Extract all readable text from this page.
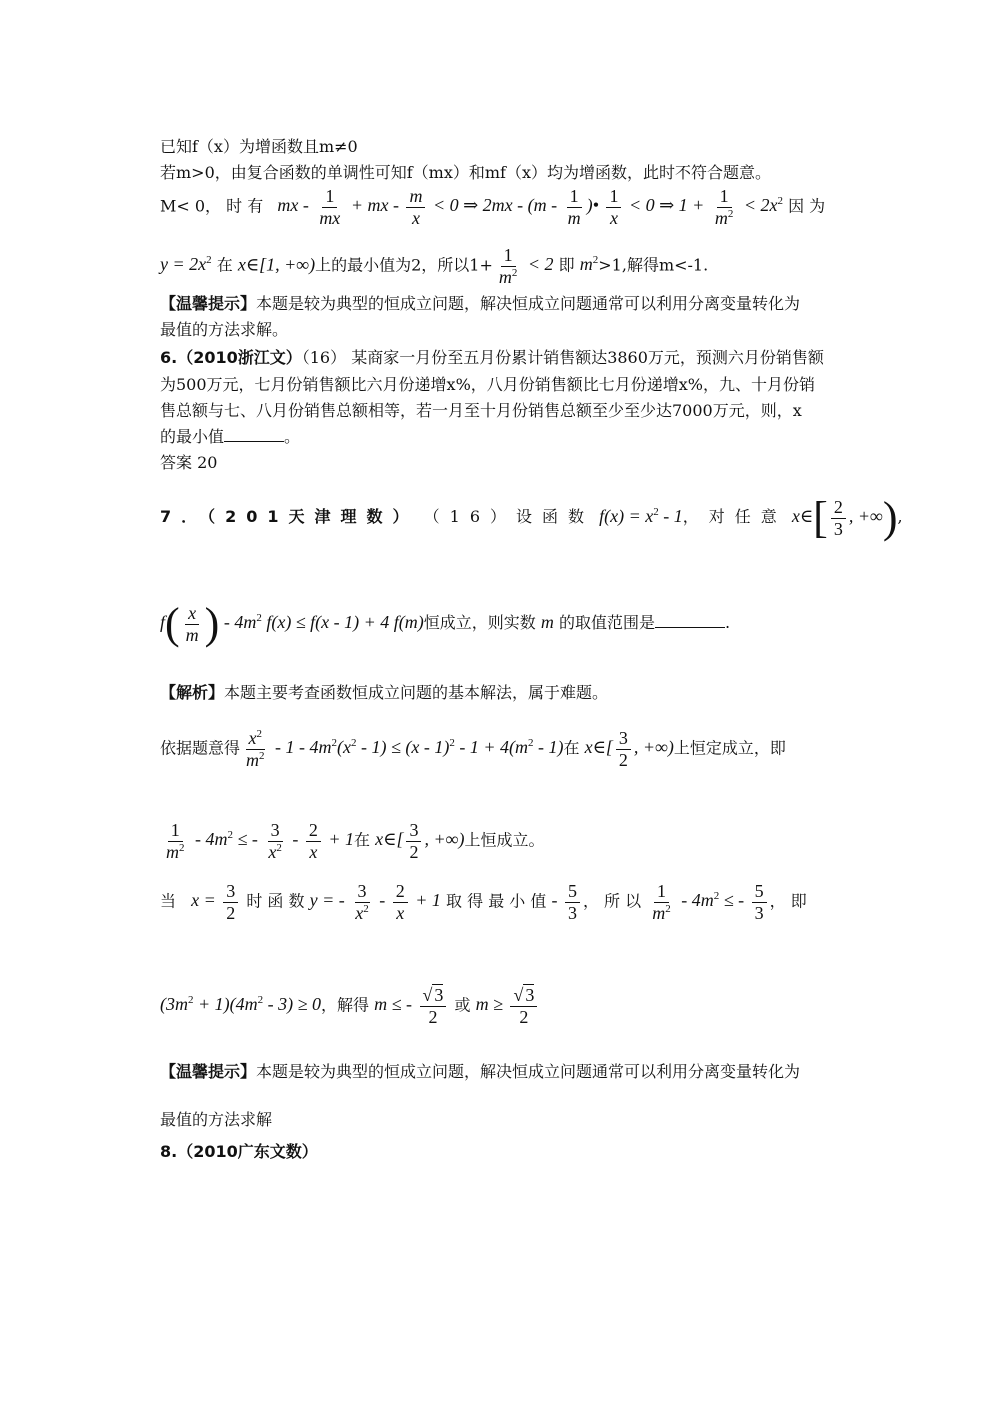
已知f（x）为增函数且m≠0
若m>0，由复合函数的单调性可知f（mx）和mf（x）均为增函数，此时不符合题意。
M< 0， 时 有   mx - $\frac{1}{mx}$ + mx - $\frac{m}{x} < 0$ ⇒ $2mx - (m - \frac{1}{m}$ )• $\frac{1}{x} < 0$ ⇒ $1 + \frac{1}{m^2} < 2x^2$ 因 为
$y = 2x^2$ 在 x∈[1, +∞)上的最小值为2，所以$1+ \frac{1}{m^2} < 2$ 即 $m^2>1$,解得m<-1.
【温馨提示】本题是较为典型的恒成立问题，解决恒成立问题通常可以利用分离变量转化为
最值的方法求解。
6.（2010浙江文）（16） 某商家一月份至五月份累计销售额达3860万元，预测六月份销售额
为500万元，七月份销售额比六月份递增x%，八月份销售额比七月份递增x%，九、十月份销
售总额与七、八月份销售总额相等，若一月至十月份销售总额至少至少达7000万元，则，x
的最小值	。
答案 20
7．（201天津理数） （16）设函数 $f(x) = x^2 - 1$，对任意 x∈[ $\frac{2}{3}$ , +∞),
$f( \frac{x}{m}$ ) - $4m^2$ f(x) ≤ f(x - 1) + 4 f(m)恒成立，则实数 m 的取值范围是	.
【解析】本题主要考查函数恒成立问题的基本解法，属于难题。
依据题意得 $\frac{x^2}{m^2} - 1 - 4m^2(x^2 - 1) \le (x - 1)^2 - 1 + 4(m^2 - 1)$在 x∈[ $\frac{3}{2}$ , +∞)上恒定成立，即
$\frac{1}{m^2} - 4m^2$ ≤ - $\frac{3}{x^2} - \frac{2}{x} + 1$在 x∈[ $\frac{3}{2}$ , +∞)上恒成立。
当 $x = \frac{3}{2}$ 时 函 数 y = - $\frac{3}{x^2} - \frac{2}{x} + 1$ 取 得 最 小 值 - $\frac{5}{3}$ ， 所 以 $\frac{1}{m^2} - 4m^2$ ≤ - $\frac{5}{3}$ ， 即
$(3m^2 + 1)(4m^2 - 3) \ge 0$，解得 m ≤ - $\frac{√ 3}{2}$ 或 $m \ge \frac{√ 3}{2}$
【温馨提示】本题是较为典型的恒成立问题，解决恒成立问题通常可以利用分离变量转化为
最值的方法求解
8.（2010广东文数）
